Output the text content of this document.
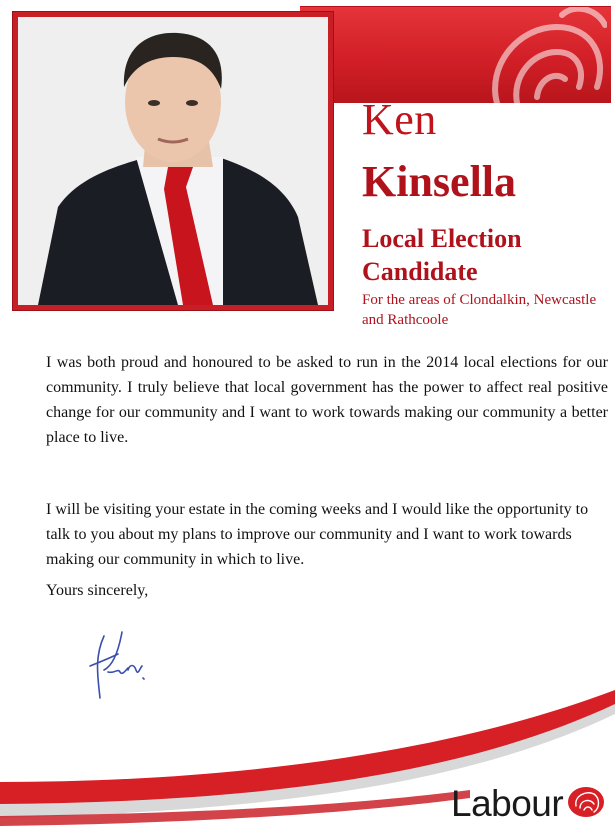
Ken
Kinsella
Local Election Candidate
For the areas of Clondalkin, Newcastle and Rathcoole

I was both proud and honoured to be asked to run in the 2014 local elections for our community. I truly believe that local government has the power to affect real positive change for our community and I want to work towards making our community a better place to live.

I will be visiting your estate in the coming weeks and I would like the opportunity to talk to you about my plans to improve our community and I want to work towards making our community in which to live.

Yours sincerely,
Labour
